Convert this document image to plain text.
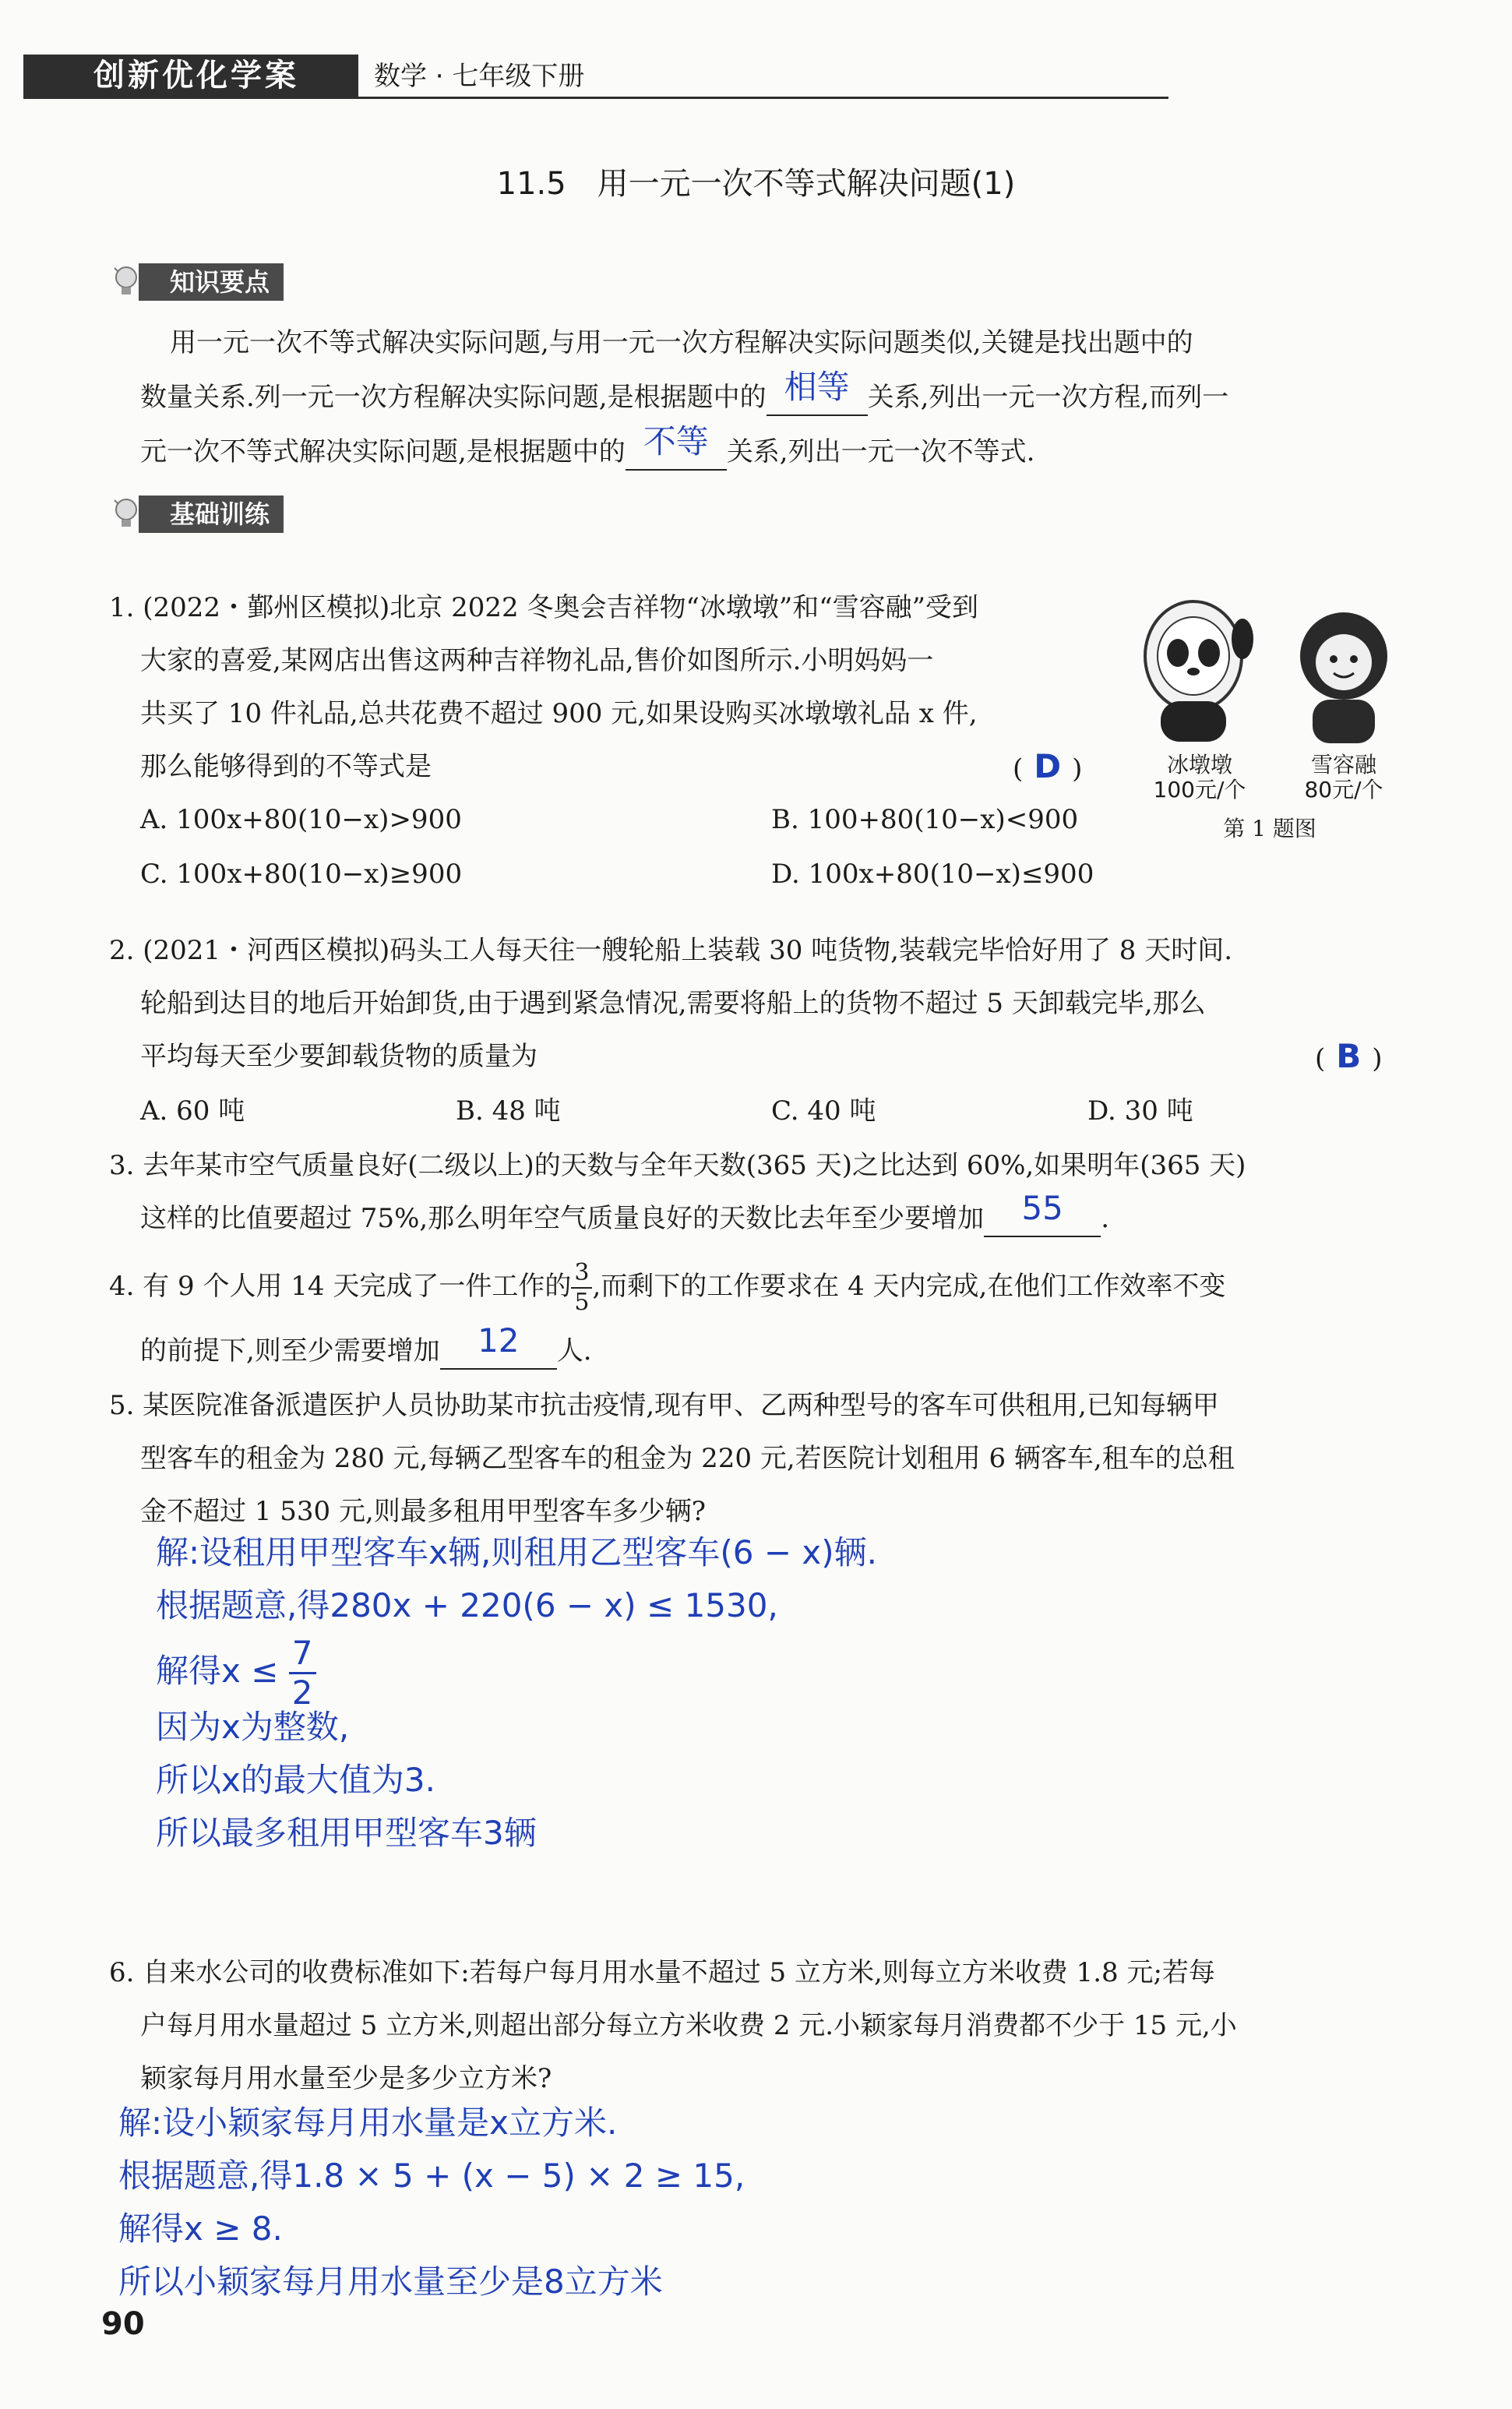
创新优化学案	数学 · 七年级下册
11.5　用一元一次不等式解决问题(1)
知识要点
用一元一次不等式解决实际问题,与用一元一次方程解决实际问题类似,关键是找出题中的
数量关系.列一元一次方程解决实际问题,是根据题中的 相等 关系,列出一元一次方程,而列一
元一次不等式解决实际问题,是根据题中的 不等 关系,列出一元一次不等式.
基础训练
1. (2022・鄞州区模拟)北京 2022 冬奥会吉祥物“冰墩墩”和“雪容融”受到
大家的喜爱,某网店出售这两种吉祥物礼品,售价如图所示.小明妈妈一
共买了 10 件礼品,总共花费不超过 900 元,如果设购买冰墩墩礼品 x 件,
那么能够得到的不等式是	( D )
A. 100x+80(10−x)>900	B. 100+80(10−x)<900
C. 100x+80(10−x)≥900	D. 100x+80(10−x)≤900
冰墩墩
100元/个
雪容融
80元/个
第 1 题图
2. (2021・河西区模拟)码头工人每天往一艘轮船上装载 30 吨货物,装载完毕恰好用了 8 天时间.
轮船到达目的地后开始卸货,由于遇到紧急情况,需要将船上的货物不超过 5 天卸载完毕,那么
平均每天至少要卸载货物的质量为	( B )
A. 60 吨	B. 48 吨	C. 40 吨	D. 30 吨
3. 去年某市空气质量良好(二级以上)的天数与全年天数(365 天)之比达到 60%,如果明年(365 天)
这样的比值要超过 75%,那么明年空气质量良好的天数比去年至少要增加 55 .
4. 有 9 个人用 14 天完成了一件工作的 $\frac{3}{5}$ ,而剩下的工作要求在 4 天内完成,在他们工作效率不变
的前提下,则至少需要增加 12 人.
5. 某医院准备派遣医护人员协助某市抗击疫情,现有甲、乙两种型号的客车可供租用,已知每辆甲
型客车的租金为 280 元,每辆乙型客车的租金为 220 元,若医院计划租用 6 辆客车,租车的总租
金不超过 1 530 元,则最多租用甲型客车多少辆?
解:设租用甲型客车x辆,则租用乙型客车(6 − x)辆.
根据题意,得280x + 220(6 − x) ≤ 1530,
解得$x \le \frac{7}{2}$
因为x为整数,
所以x的最大值为3.
所以最多租用甲型客车3辆
6. 自来水公司的收费标准如下:若每户每月用水量不超过 5 立方米,则每立方米收费 1.8 元;若每
户每月用水量超过 5 立方米,则超出部分每立方米收费 2 元.小颖家每月消费都不少于 15 元,小
颖家每月用水量至少是多少立方米?
解:设小颖家每月用水量是x立方米.
根据题意,得1.8 × 5 + (x − 5) × 2 ≥ 15,
解得x ≥ 8.
所以小颖家每月用水量至少是8立方米
90
